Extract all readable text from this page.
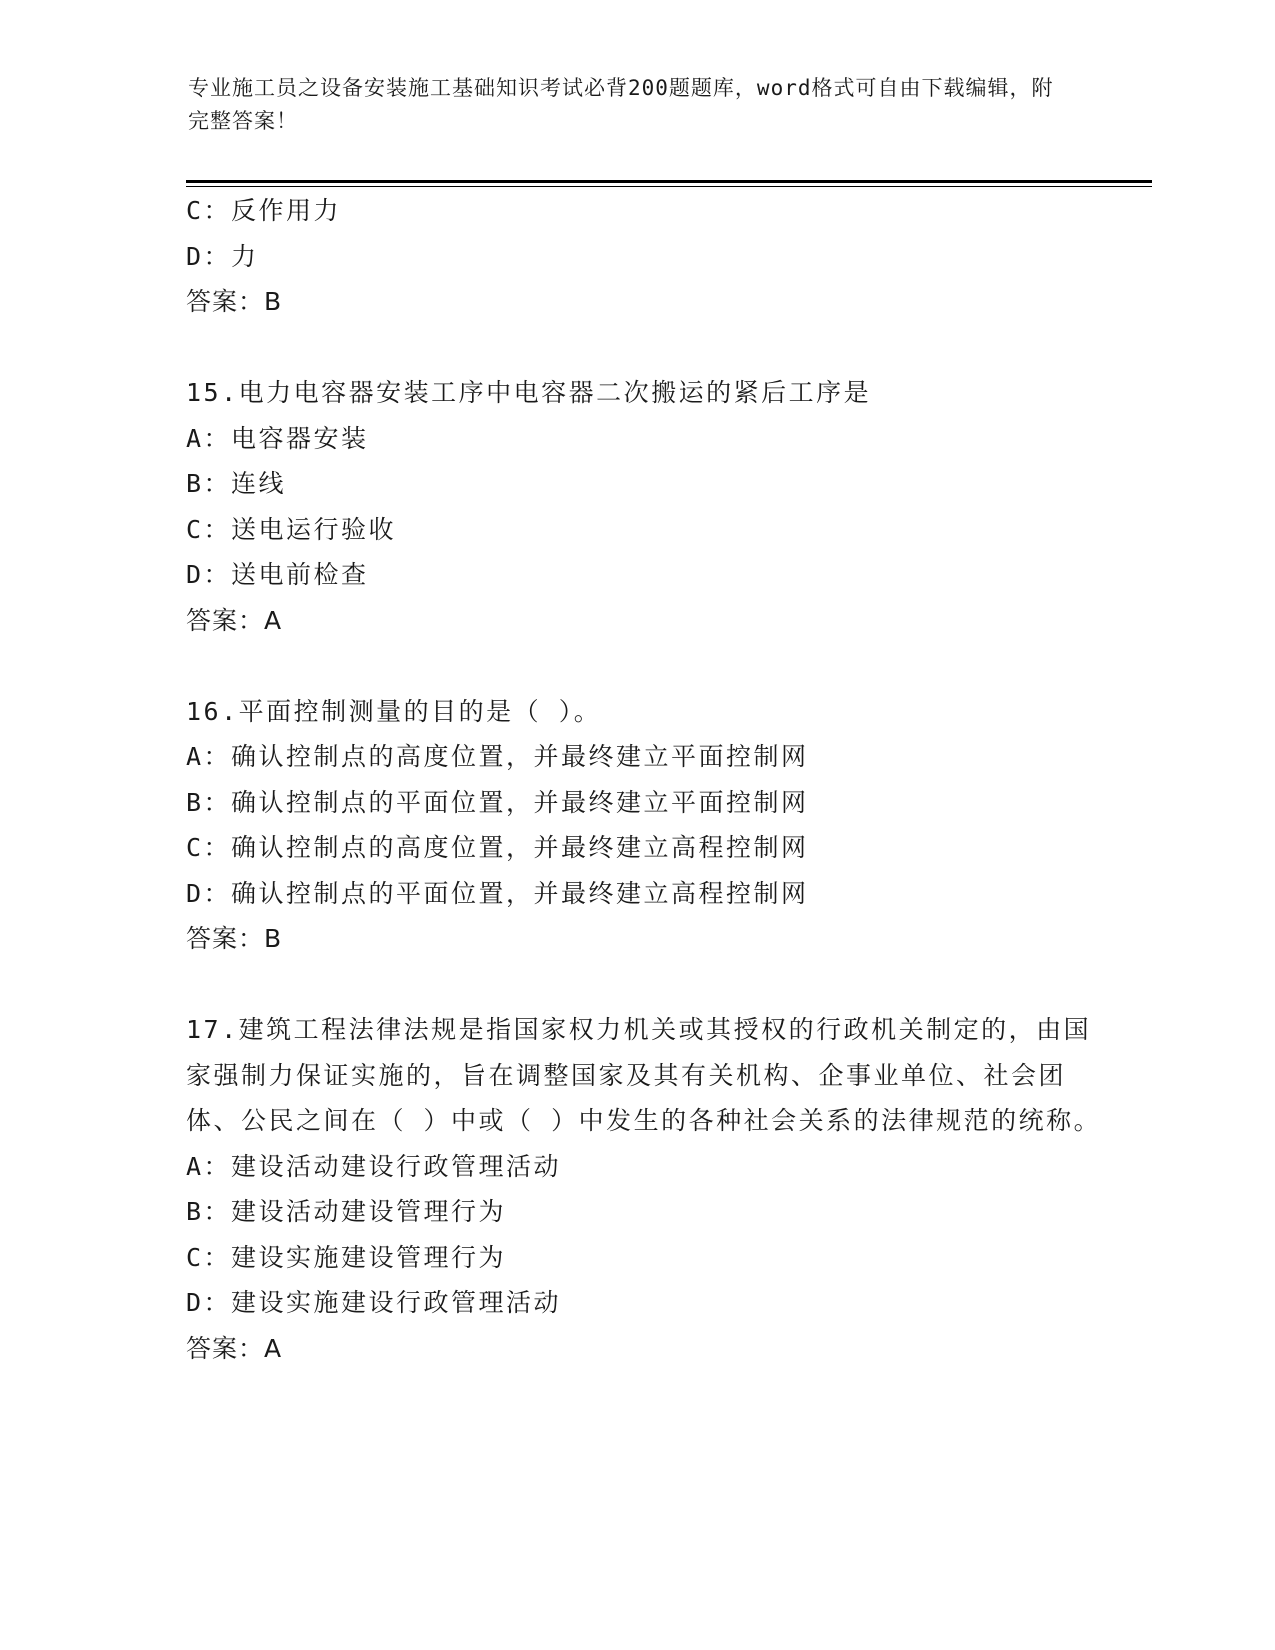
专业施工员之设备安装施工基础知识考试必背200题题库，word格式可自由下载编辑，附完整答案！
C：反作用力
D：力
答案：B
15.电力电容器安装工序中电容器二次搬运的紧后工序是
A：电容器安装
B：连线
C：送电运行验收
D：送电前检查
答案：A
16.平面控制测量的目的是（ ）。
A：确认控制点的高度位置，并最终建立平面控制网
B：确认控制点的平面位置，并最终建立平面控制网
C：确认控制点的高度位置，并最终建立高程控制网
D：确认控制点的平面位置，并最终建立高程控制网
答案：B
17.建筑工程法律法规是指国家权力机关或其授权的行政机关制定的，由国家强制力保证实施的，旨在调整国家及其有关机构、企事业单位、社会团体、公民之间在（ ）中或（ ）中发生的各种社会关系的法律规范的统称。
A：建设活动建设行政管理活动
B：建设活动建设管理行为
C：建设实施建设管理行为
D：建设实施建设行政管理活动
答案：A
